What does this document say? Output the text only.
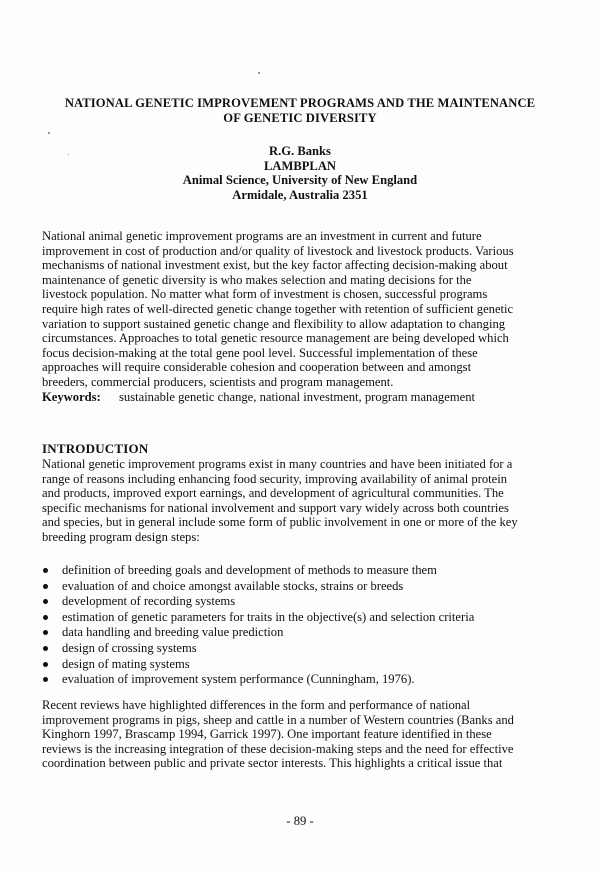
NATIONAL GENETIC IMPROVEMENT PROGRAMS AND THE MAINTENANCE
OF GENETIC DIVERSITY
R.G. Banks
LAMBPLAN
Animal Science, University of New England
Armidale, Australia 2351
National animal genetic improvement programs are an investment in current and future
improvement in cost of production and/or quality of livestock and livestock products. Various
mechanisms of national investment exist, but the key factor affecting decision-making about
maintenance of genetic diversity is who makes selection and mating decisions for the
livestock population. No matter what form of investment is chosen, successful programs
require high rates of well-directed genetic change together with retention of sufficient genetic
variation to support sustained genetic change and flexibility to allow adaptation to changing
circumstances. Approaches to total genetic resource management are being developed which
focus decision-making at the total gene pool level. Successful implementation of these
approaches will require considerable cohesion and cooperation between and amongst
breeders, commercial producers, scientists and program management.
Keywords: sustainable genetic change, national investment, program management
INTRODUCTION
National genetic improvement programs exist in many countries and have been initiated for a
range of reasons including enhancing food security, improving availability of animal protein
and products, improved export earnings, and development of agricultural communities. The
specific mechanisms for national involvement and support vary widely across both countries
and species, but in general include some form of public involvement in one or more of the key
breeding program design steps:
definition of breeding goals and development of methods to measure them
evaluation of and choice amongst available stocks, strains or breeds
development of recording systems
estimation of genetic parameters for traits in the objective(s) and selection criteria
data handling and breeding value prediction
design of crossing systems
design of mating systems
evaluation of improvement system performance (Cunningham, 1976).
Recent reviews have highlighted differences in the form and performance of national
improvement programs in pigs, sheep and cattle in a number of Western countries (Banks and
Kinghorn 1997, Brascamp 1994, Garrick 1997). One important feature identified in these
reviews is the increasing integration of these decision-making steps and the need for effective
coordination between public and private sector interests. This highlights a critical issue that
- 89 -
